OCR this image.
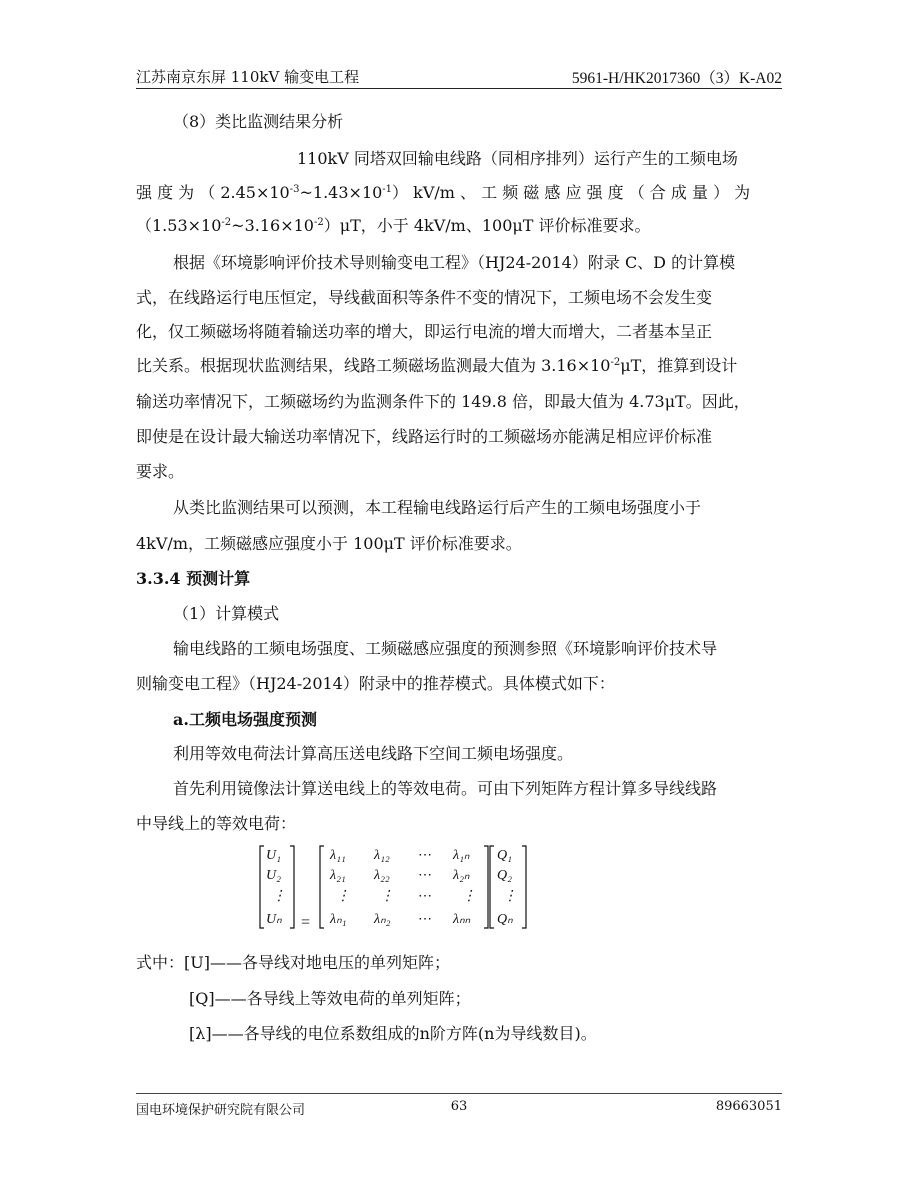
江苏南京东屏 110kV 输变电工程	5961-H/HK2017360（3）K-A02
（8）类比监测结果分析
110kV 同塔双回输电线路（同相序排列）运行产生的工频电场
强 度 为 （ $2.45\times 10^{-3}\sim 1.43\times 10^{-1}$） kV/m 、 工 频 磁 感 应 强 度 （ 合 成 量 ） 为
$(1.53\times 10^{-2}\sim 3.16\times 10^{-2})\mu T$，小于 4kV/m、100μT 评价标准要求。
根据《环境影响评价技术导则输变电工程》（HJ24-2014）附录 C、D 的计算模
式，在线路运行电压恒定，导线截面积等条件不变的情况下，工频电场不会发生变
化，仅工频磁场将随着输送功率的增大，即运行电流的增大而增大，二者基本呈正
比关系。根据现状监测结果，线路工频磁场监测最大值为 $3.16\times 10^{-2}\mu T$，推算到设计
输送功率情况下，工频磁场约为监测条件下的 149.8 倍，即最大值为 4.73μT。因此，
即使是在设计最大输送功率情况下，线路运行时的工频磁场亦能满足相应评价标准
要求。
从类比监测结果可以预测，本工程输电线路运行后产生的工频电场强度小于
4kV/m，工频磁感应强度小于 100μT 评价标准要求。
3.3.4 预测计算
（1）计算模式
输电线路的工频电场强度、工频磁感应强度的预测参照《环境影响评价技术导
则输变电工程》（HJ24-2014）附录中的推荐模式。具体模式如下：
a.工频电场强度预测
利用等效电荷法计算高压送电线路下空间工频电场强度。
首先利用镜像法计算送电线上的等效电荷。可由下列矩阵方程计算多导线线路
中导线上的等效电荷：
U₁
U₂
⋮
Uₙ =
λ₁₁ λ₁₂ ⋯ λ₁ₙ
λ₂₁ λ₂₂ ⋯ λ₂ₙ
⋮ ⋮ ⋯ ⋮
λₙ₁ λₙ₂ ⋯ λₙₙ
Q₁
Q₂
⋮
Qₙ
式中：[U]——各导线对地电压的单列矩阵；
[Q]——各导线上等效电荷的单列矩阵；
[λ]——各导线的电位系数组成的n阶方阵(n为导线数目)。
国电环境保护研究院有限公司	63	89663051
